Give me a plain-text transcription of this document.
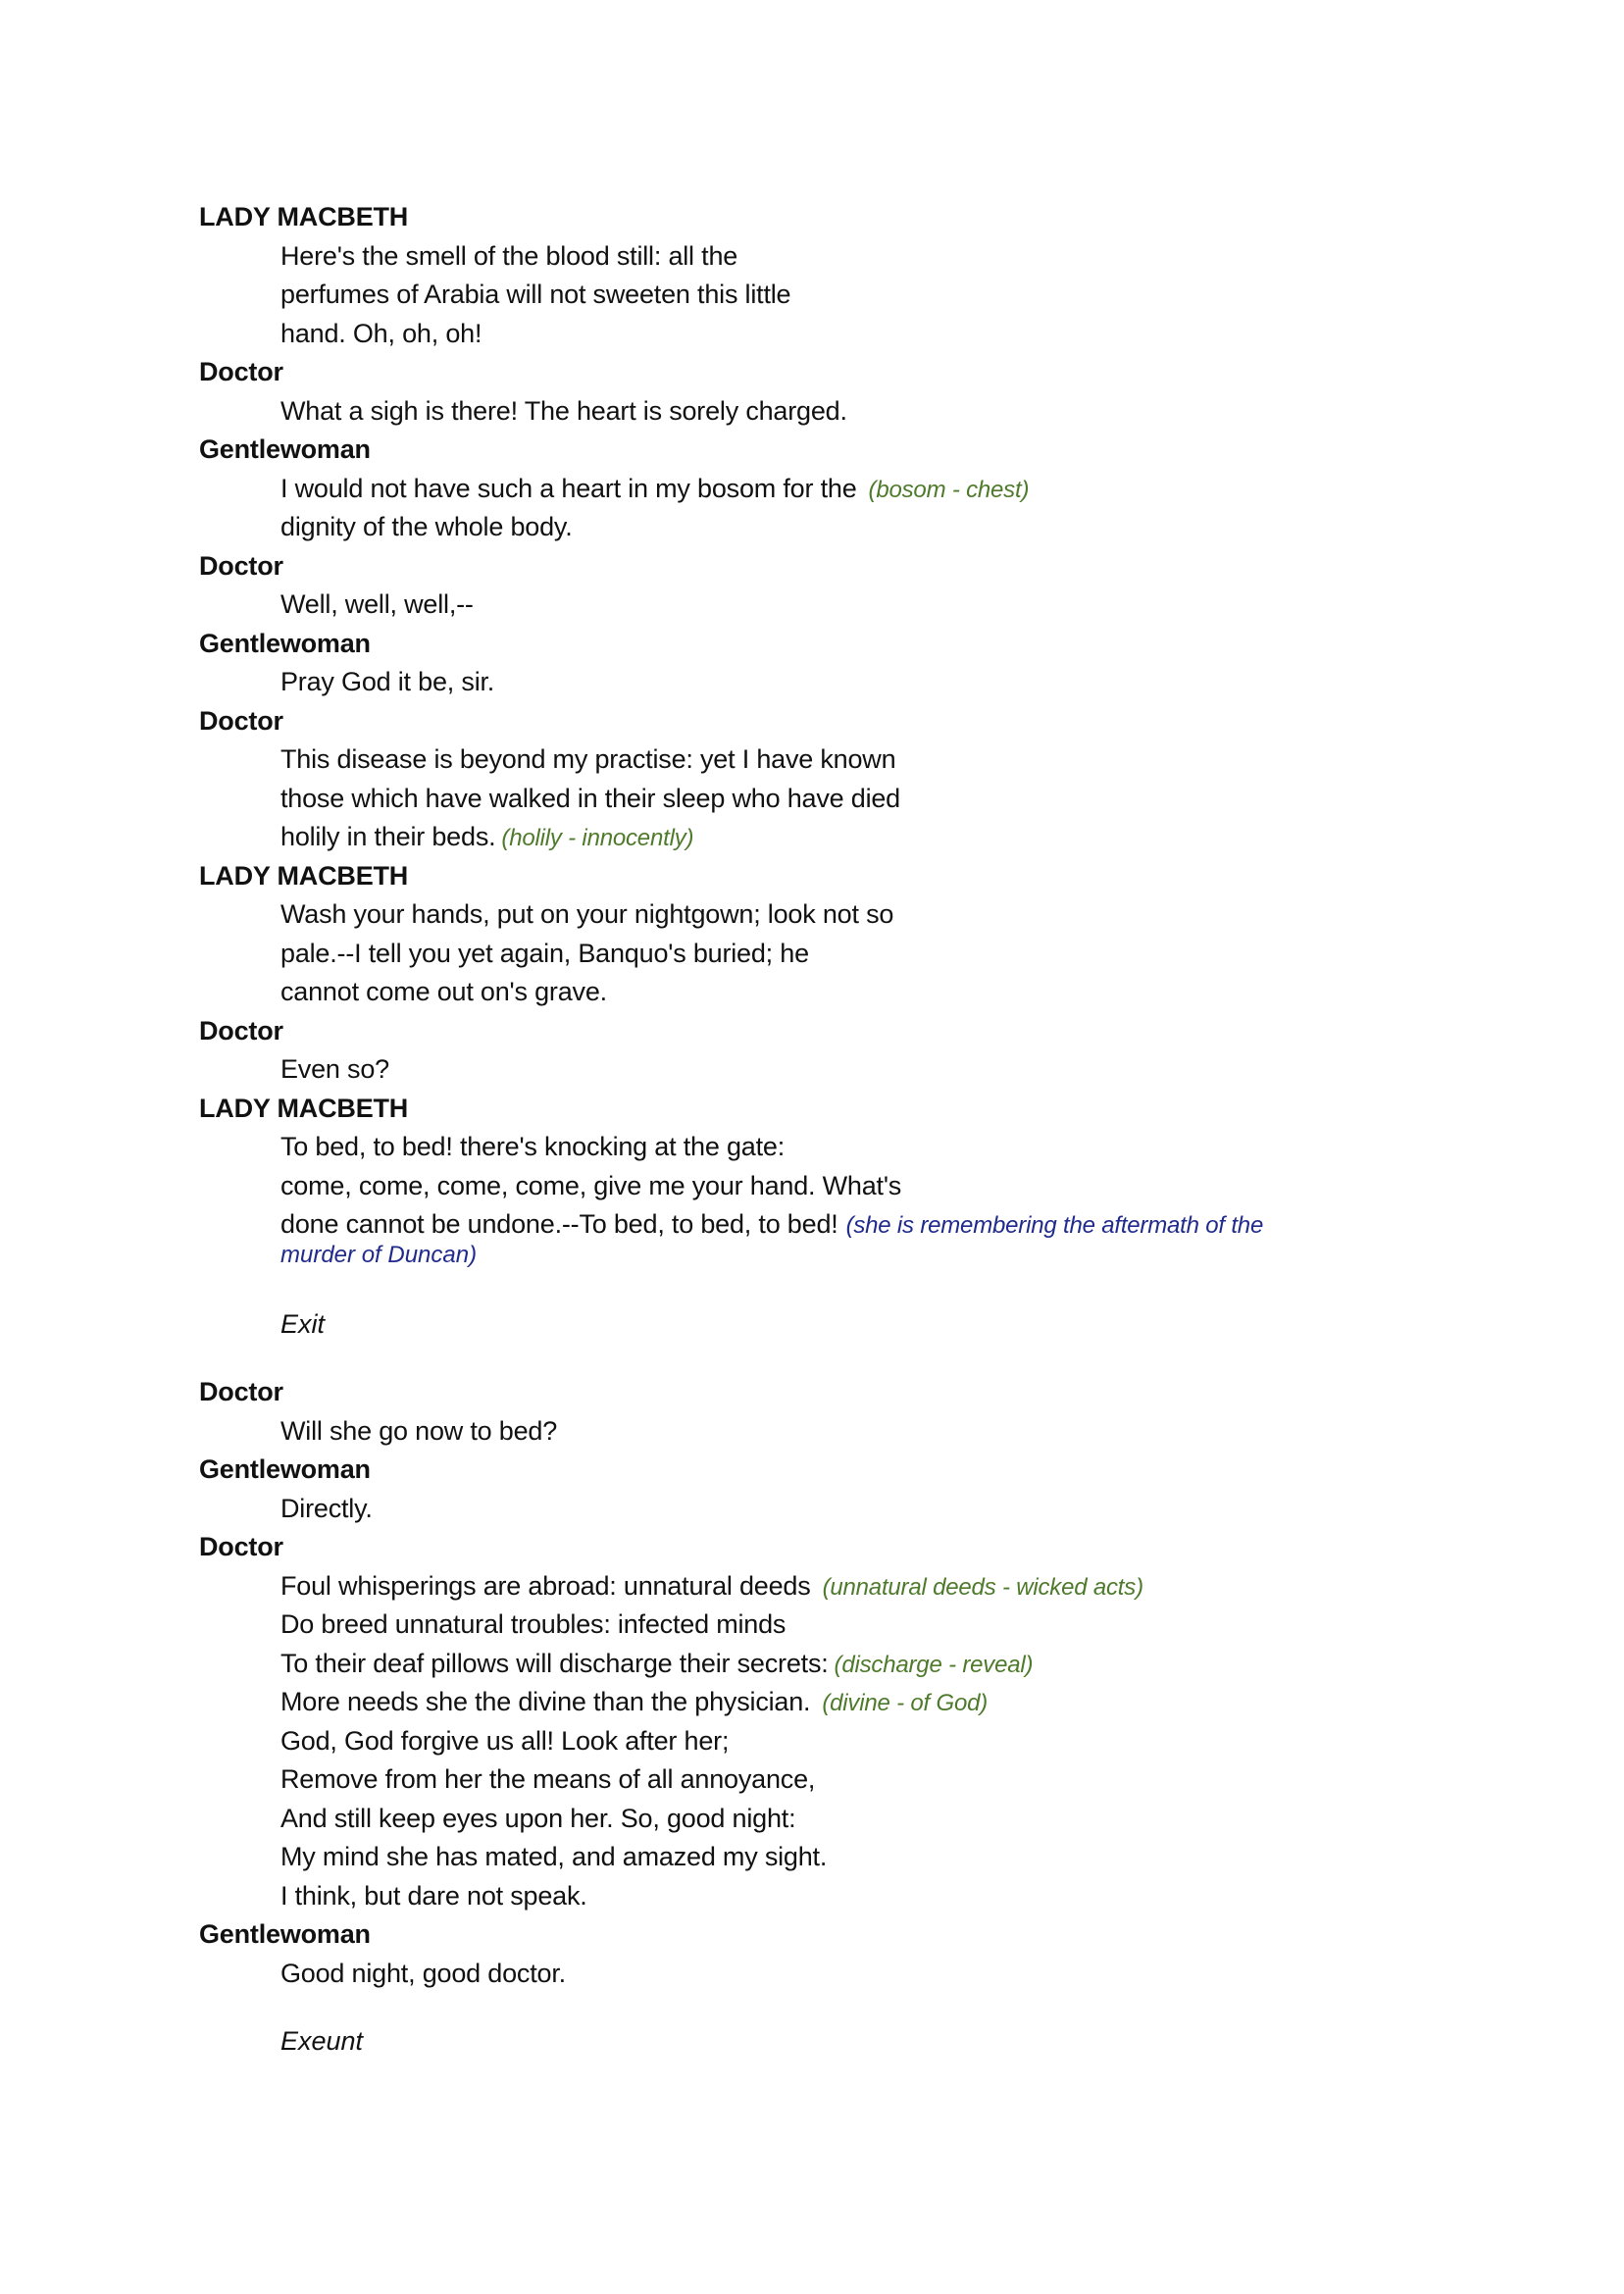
LADY MACBETH
Here's the smell of the blood still: all the
perfumes of Arabia will not sweeten this little
hand. Oh, oh, oh!
Doctor
What a sigh is there! The heart is sorely charged.
Gentlewoman
I would not have such a heart in my bosom for the (bosom - chest)
dignity of the whole body.
Doctor
Well, well, well,--
Gentlewoman
Pray God it be, sir.
Doctor
This disease is beyond my practise: yet I have known
those which have walked in their sleep who have died
holily in their beds. (holily - innocently)
LADY MACBETH
Wash your hands, put on your nightgown; look not so
pale.--I tell you yet again, Banquo's buried; he
cannot come out on's grave.
Doctor
Even so?
LADY MACBETH
To bed, to bed! there's knocking at the gate:
come, come, come, come, give me your hand. What's
done cannot be undone.--To bed, to bed, to bed! (she is remembering the aftermath of the
murder of Duncan)
Exit
Doctor
Will she go now to bed?
Gentlewoman
Directly.
Doctor
Foul whisperings are abroad: unnatural deeds (unnatural deeds - wicked acts)
Do breed unnatural troubles: infected minds
To their deaf pillows will discharge their secrets: (discharge - reveal)
More needs she the divine than the physician. (divine - of God)
God, God forgive us all! Look after her;
Remove from her the means of all annoyance,
And still keep eyes upon her. So, good night:
My mind she has mated, and amazed my sight.
I think, but dare not speak.
Gentlewoman
Good night, good doctor.
Exeunt
